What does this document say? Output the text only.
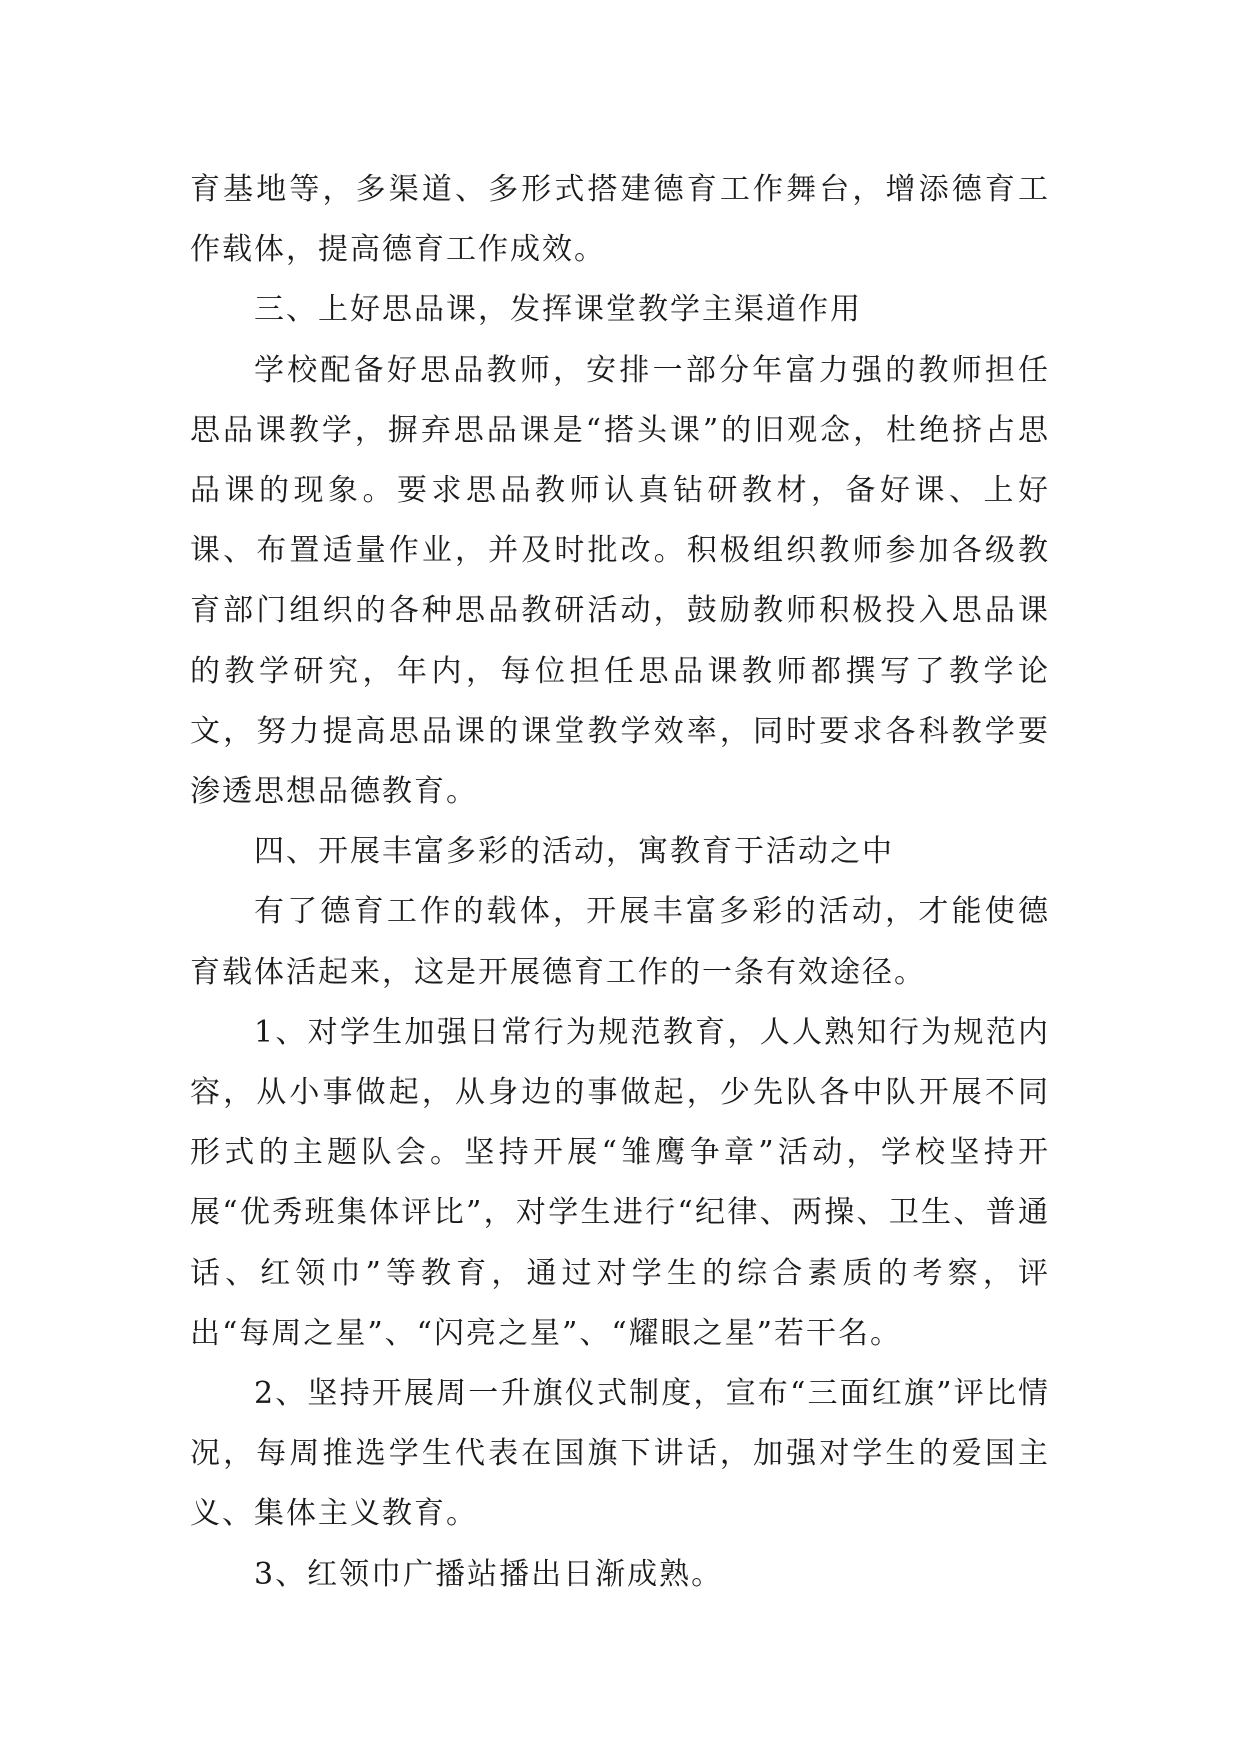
育基地等，多渠道、多形式搭建德育工作舞台，增添德育工作载体，提高德育工作成效。

三、上好思品课，发挥课堂教学主渠道作用

学校配备好思品教师，安排一部分年富力强的教师担任思品课教学，摒弃思品课是“搭头课”的旧观念，杜绝挤占思品课的现象。要求思品教师认真钻研教材，备好课、上好课、布置适量作业，并及时批改。积极组织教师参加各级教育部门组织的各种思品教研活动，鼓励教师积极投入思品课的教学研究，年内，每位担任思品课教师都撰写了教学论文，努力提高思品课的课堂教学效率，同时要求各科教学要渗透思想品德教育。

四、开展丰富多彩的活动，寓教育于活动之中

有了德育工作的载体，开展丰富多彩的活动，才能使德育载体活起来，这是开展德育工作的一条有效途径。

1、对学生加强日常行为规范教育，人人熟知行为规范内容，从小事做起，从身边的事做起，少先队各中队开展不同形式的主题队会。坚持开展“雏鹰争章”活动，学校坚持开展“优秀班集体评比”，对学生进行“纪律、两操、卫生、普通话、红领巾”等教育，通过对学生的综合素质的考察，评出“每周之星”、“闪亮之星”、“耀眼之星”若干名。

2、坚持开展周一升旗仪式制度，宣布“三面红旗”评比情况，每周推选学生代表在国旗下讲话，加强对学生的爱国主义、集体主义教育。

3、红领巾广播站播出日渐成熟。
